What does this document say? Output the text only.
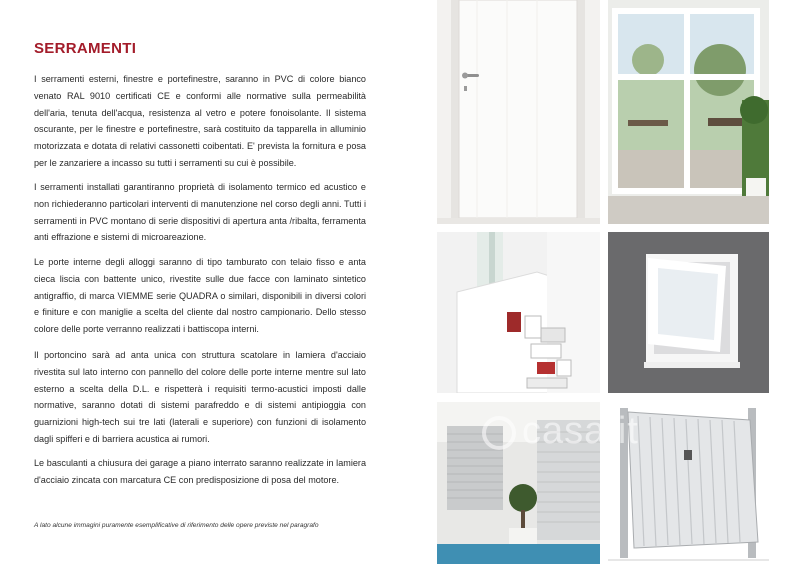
SERRAMENTI
I serramenti esterni, finestre e portefinestre, saranno in PVC di colore bianco venato RAL 9010 certificati CE e conformi alle normative sulla permeabilità dell'aria, tenuta dell'acqua, resistenza al vetro e potere fonoisolante. Il sistema oscurante, per le finestre e portefinestre, sarà costituito da tapparella in alluminio motorizzata e dotata di relativi cassonetti coibentati. E' prevista la fornitura e posa per le zanzariere a incasso su tutti i serramenti su cui è possibile.
I serramenti installati garantiranno proprietà di isolamento termico ed acustico e non richiederanno particolari interventi di manutenzione nel corso degli anni. Tutti i serramenti in PVC montano di serie dispositivi di apertura anta /ribalta, ferramenta anti effrazione e sistemi di microareazione.
Le porte interne degli alloggi saranno di tipo tamburato con telaio fisso e anta cieca liscia con battente unico, rivestite sulle due facce con laminato sintetico antigraffio, di marca VIEMME serie QUADRA o similari, disponibili in diversi colori e finiture e con maniglie a scelta del cliente dal nostro campionario. Dello stesso colore delle porte verranno realizzati i battiscopa interni.
Il portoncino sarà ad anta unica con struttura scatolare in lamiera d'acciaio rivestita sul lato interno con pannello del colore delle porte interne mentre sul lato esterno a scelta della D.L. e rispetterà i requisiti termo-acustici imposti dalle normative, saranno dotati di sistemi parafreddo e di sistemi antipioggia con guarnizioni high-tech sui tre lati (laterali e superiore) con funzioni di isolamento dagli spifferi e di barriera acustica ai rumori.
Le basculanti a chiusura dei garage a piano interrato saranno realizzate in lamiera d'acciaio zincata con marcatura CE con predisposizione di posa del motore.
A lato alcune immagini puramente esemplificative di riferimento delle opere previste nel paragrafo
casa.it
